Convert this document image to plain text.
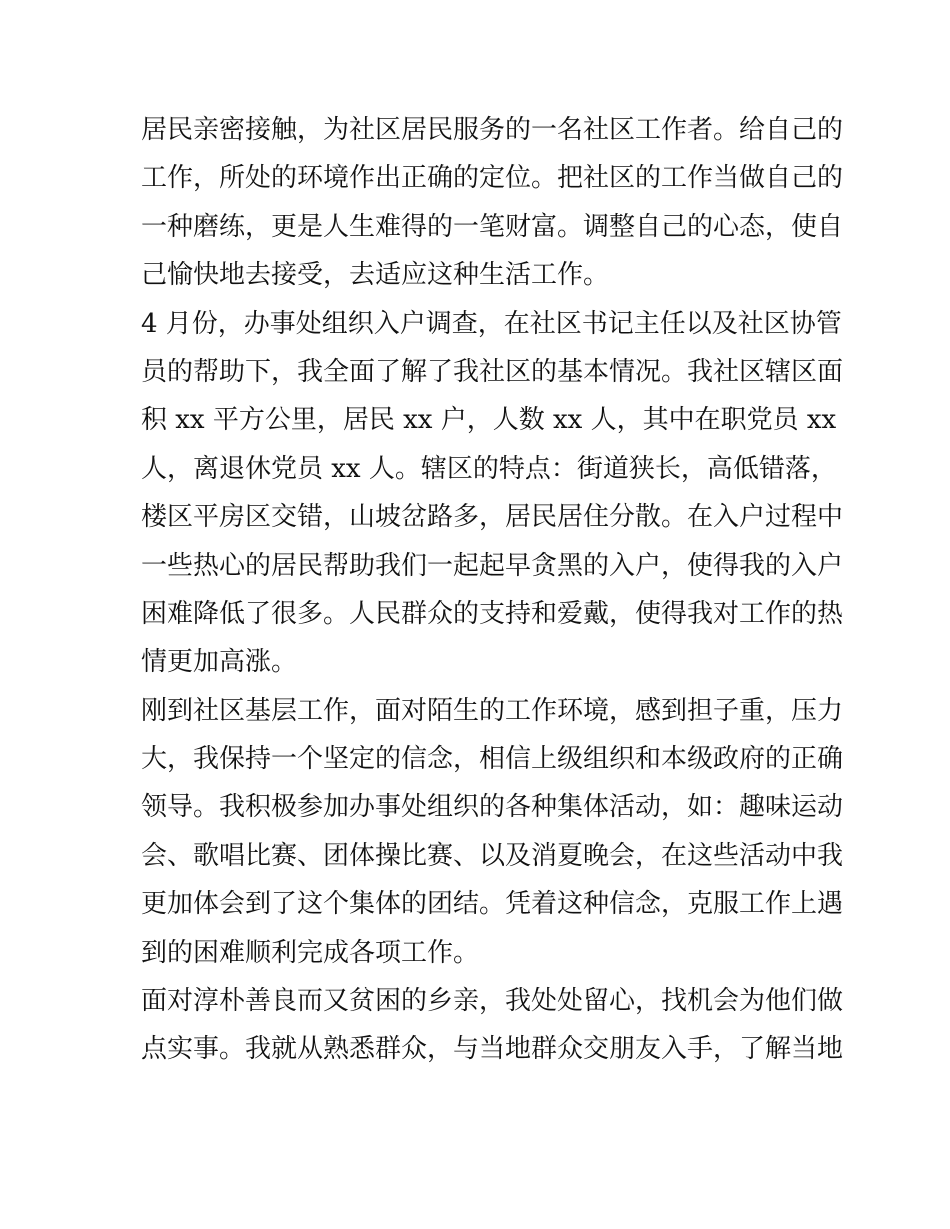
居民亲密接触，为社区居民服务的一名社区工作者。给自己的
工作，所处的环境作出正确的定位。把社区的工作当做自己的
一种磨练，更是人生难得的一笔财富。调整自己的心态，使自
己愉快地去接受，去适应这种生活工作。

4 月份，办事处组织入户调查，在社区书记主任以及社区协管
员的帮助下，我全面了解了我社区的基本情况。我社区辖区面
积 xx 平方公里，居民 xx 户，人数 xx 人，其中在职党员 xx
人，离退休党员 xx 人。辖区的特点：街道狭长，高低错落，
楼区平房区交错，山坡岔路多，居民居住分散。在入户过程中
一些热心的居民帮助我们一起起早贪黑的入户，使得我的入户
困难降低了很多。人民群众的支持和爱戴，使得我对工作的热
情更加高涨。

刚到社区基层工作，面对陌生的工作环境，感到担子重，压力
大，我保持一个坚定的信念，相信上级组织和本级政府的正确
领导。我积极参加办事处组织的各种集体活动，如：趣味运动
会、歌唱比赛、团体操比赛、以及消夏晚会，在这些活动中我
更加体会到了这个集体的团结。凭着这种信念，克服工作上遇
到的困难顺利完成各项工作。

面对淳朴善良而又贫困的乡亲，我处处留心，找机会为他们做
点实事。我就从熟悉群众，与当地群众交朋友入手，了解当地
